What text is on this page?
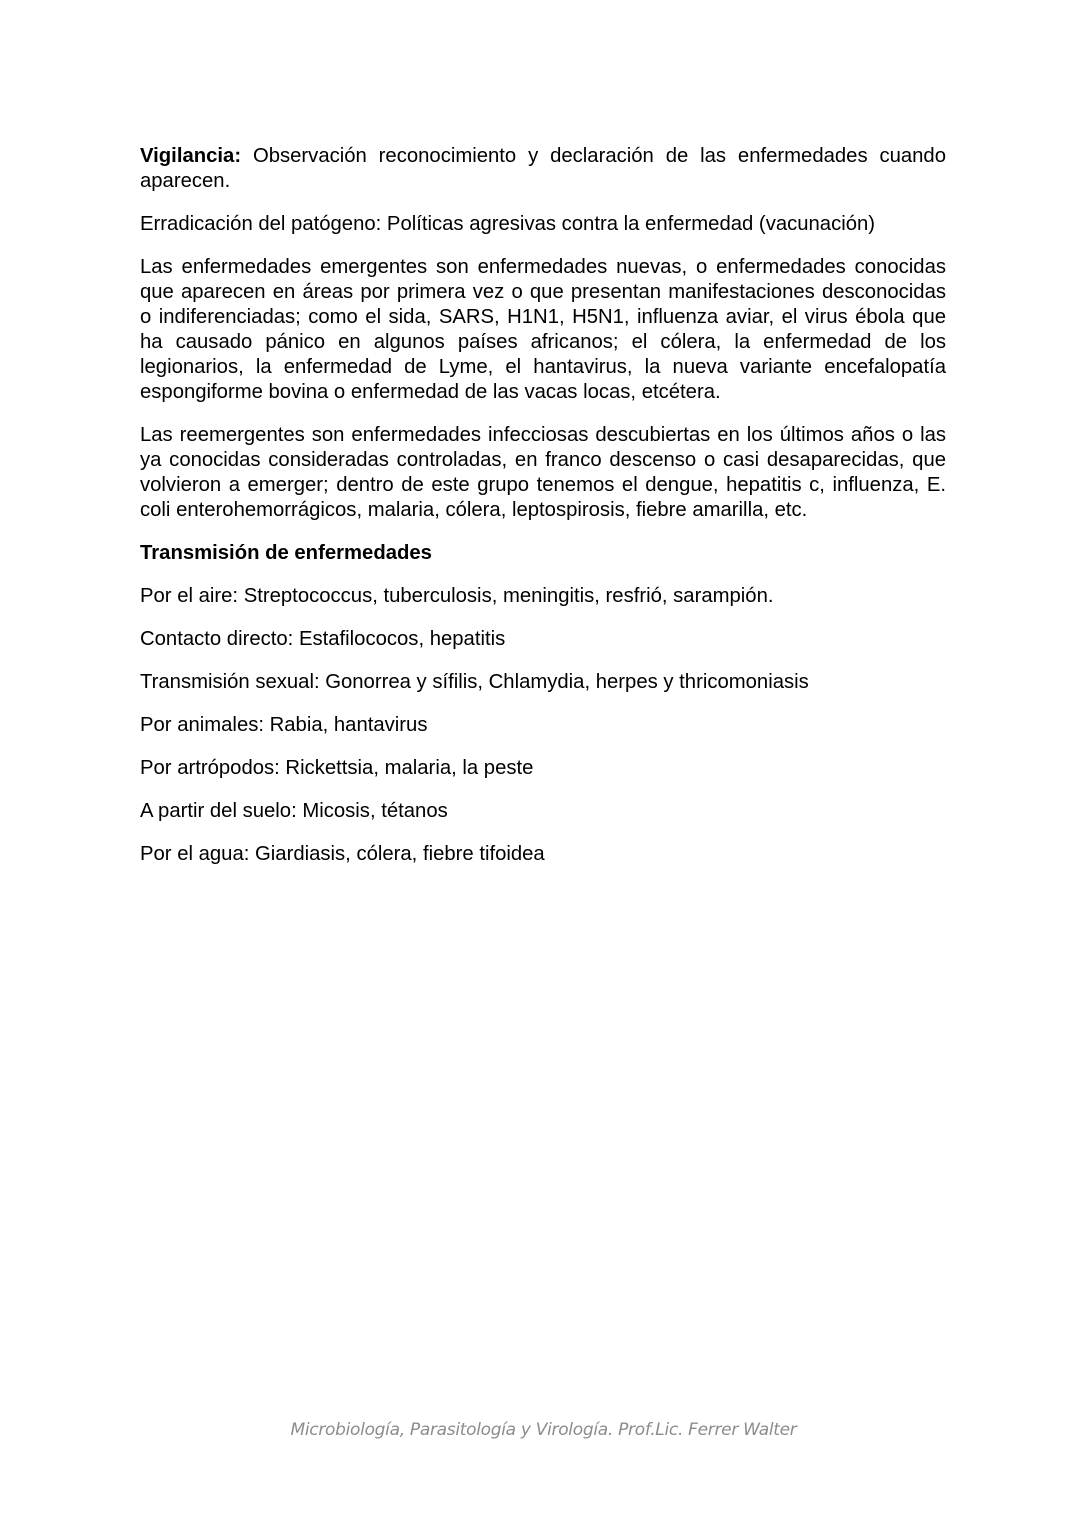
Vigilancia: Observación reconocimiento y declaración de las enfermedades cuando aparecen.

Erradicación del patógeno: Políticas agresivas contra la enfermedad (vacunación)

Las enfermedades emergentes son enfermedades nuevas, o enfermedades conocidas que aparecen en áreas por primera vez o que presentan manifestaciones desconocidas o indiferenciadas; como el sida, SARS, H1N1, H5N1, influenza aviar, el virus ébola que ha causado pánico en algunos países africanos; el cólera, la enfermedad de los legionarios, la enfermedad de Lyme, el hantavirus, la nueva variante encefalopatía espongiforme bovina o enfermedad de las vacas locas, etcétera.

Las reemergentes son enfermedades infecciosas descubiertas en los últimos años o las ya conocidas consideradas controladas, en franco descenso o casi desaparecidas, que volvieron a emerger; dentro de este grupo tenemos el dengue, hepatitis c, influenza, E. coli enterohemorrágicos, malaria, cólera, leptospirosis, fiebre amarilla, etc.

Transmisión de enfermedades

Por el aire: Streptococcus, tuberculosis, meningitis, resfrió, sarampión.

Contacto directo: Estafilococos, hepatitis

Transmisión sexual: Gonorrea y sífilis, Chlamydia, herpes y thricomoniasis

Por animales: Rabia, hantavirus

Por artrópodos: Rickettsia, malaria, la peste

A partir del suelo: Micosis, tétanos

Por el agua: Giardiasis, cólera, fiebre tifoidea

Microbiología, Parasitología y Virología. Prof.Lic. Ferrer Walter
